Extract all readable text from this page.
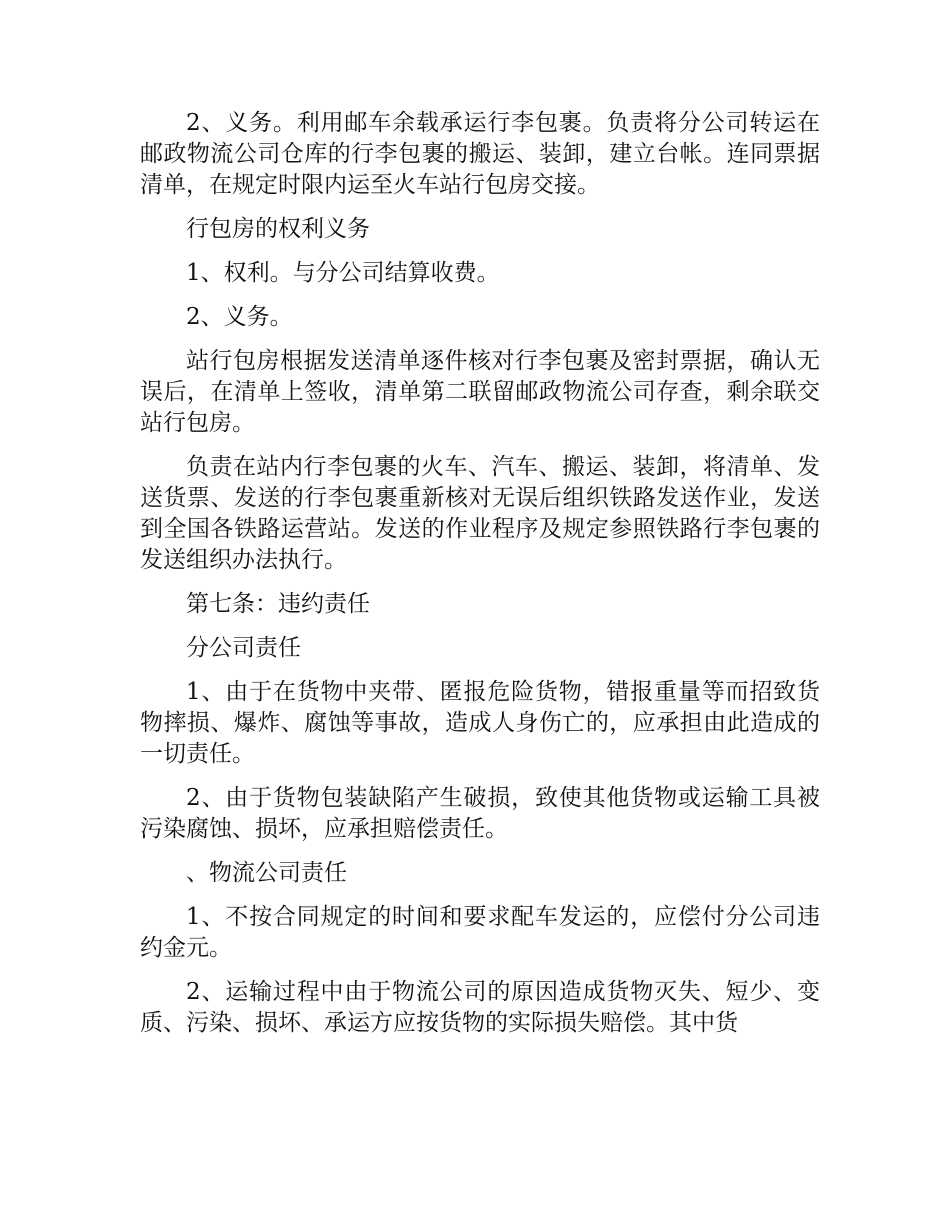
2、义务。利用邮车余载承运行李包裹。负责将分公司转运在邮政物流公司仓库的行李包裹的搬运、装卸，建立台帐。连同票据清单，在规定时限内运至火车站行包房交接。

行包房的权利义务

1、权利。与分公司结算收费。

2、义务。

站行包房根据发送清单逐件核对行李包裹及密封票据，确认无误后，在清单上签收，清单第二联留邮政物流公司存查，剩余联交站行包房。

负责在站内行李包裹的火车、汽车、搬运、装卸，将清单、发送货票、发送的行李包裹重新核对无误后组织铁路发送作业，发送到全国各铁路运营站。发送的作业程序及规定参照铁路行李包裹的发送组织办法执行。

第七条：违约责任

分公司责任

1、由于在货物中夹带、匿报危险货物，错报重量等而招致货物摔损、爆炸、腐蚀等事故，造成人身伤亡的，应承担由此造成的一切责任。

2、由于货物包装缺陷产生破损，致使其他货物或运输工具被污染腐蚀、损坏，应承担赔偿责任。

、物流公司责任

1、不按合同规定的时间和要求配车发运的，应偿付分公司违约金元。

2、运输过程中由于物流公司的原因造成货物灭失、短少、变质、污染、损坏、承运方应按货物的实际损失赔偿。其中货
